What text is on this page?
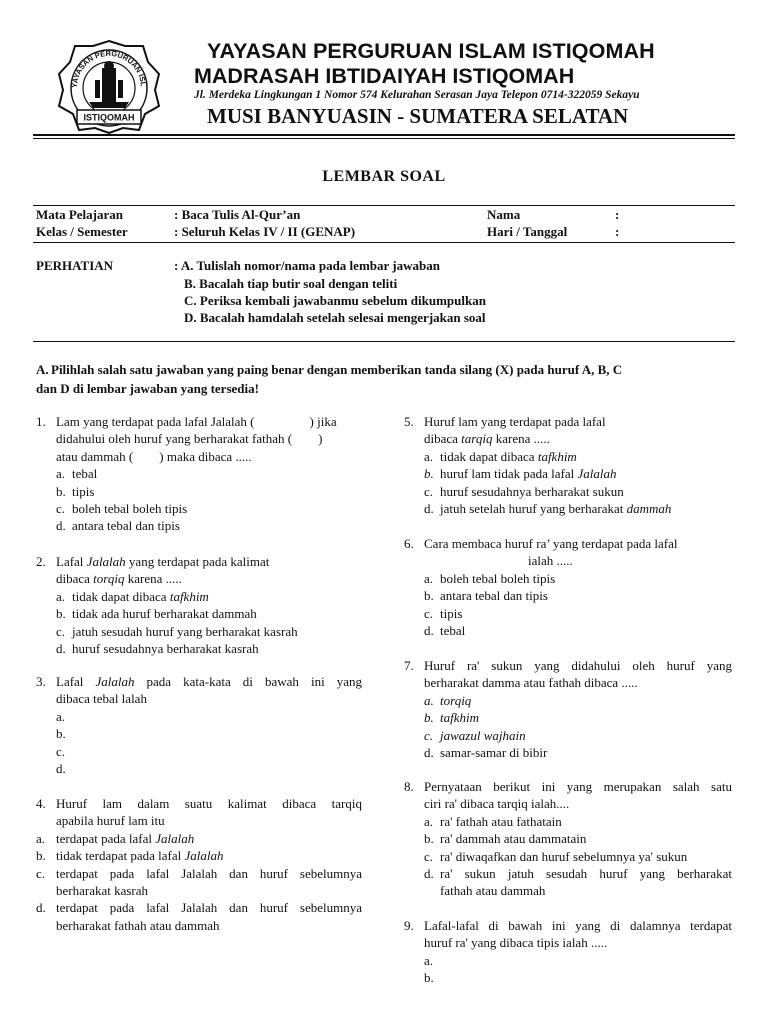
YAYASAN PERGURUAN ISL
ISTIQOMAH
YAYASAN PERGURUAN ISLAM ISTIQOMAH
MADRASAH IBTIDAIYAH ISTIQOMAH
Jl. Merdeka Lingkungan 1 Nomor 574 Kelurahan Serasan Jaya Telepon 0714-322059 Sekayu
MUSI BANYUASIN - SUMATERA SELATAN
LEMBAR SOAL
Mata Pelajaran	: Baca Tulis Al-Qur’an
Kelas / Semester	: Seluruh Kelas IV / II (GENAP)
Nama	:
Hari / Tanggal	:
PERHATIAN	: A. Tulislah nomor/nama pada lembar jawaban
B. Bacalah tiap butir soal dengan teliti
C. Periksa kembali jawabanmu sebelum dikumpulkan
D. Bacalah hamdalah setelah selesai mengerjakan soal
A. Pilihlah salah satu jawaban yang paing benar dengan memberikan tanda silang (X) pada huruf A, B, C
dan D di lembar jawaban yang tersedia!
1. Lam yang terdapat pada lafal Jalalah (	) jika
didahului oleh huruf yang berharakat fathah ( )
atau dammah ( ) maka dibaca .....
a. tebal
b. tipis
c. boleh tebal boleh tipis
d. antara tebal dan tipis
2. Lafal Jalalah yang terdapat pada kalimat
dibaca torqiq karena .....
a. tidak dapat dibaca tafkhim
b. tidak ada huruf berharakat dammah
c. jatuh sesudah huruf yang berharakat kasrah
d. huruf sesudahnya berharakat kasrah
3. Lafal Jalalah pada kata-kata di bawah ini yang
dibaca tebal lalah
a.
b.
c.
d.
4. Huruf lam dalam suatu kalimat dibaca tarqiq
apabila huruf lam itu
a. terdapat pada lafal Jalalah
b. tidak terdapat pada lafal Jalalah
c. terdapat pada lafal Jalalah dan huruf sebelumnya
berharakat kasrah
d. terdapat pada lafal Jalalah dan huruf sebelumnya
berharakat fathah atau dammah
5. Huruf lam yang terdapat pada lafal
dibaca tarqiq karena .....
a. tidak dapat dibaca tafkhim
b. huruf lam tidak pada lafal Jalalah
c. huruf sesudahnya berharakat sukun
d. jatuh setelah huruf yang berharakat dammah
6. Cara membaca huruf ra’ yang terdapat pada lafal
ialah .....
a. boleh tebal boleh tipis
b. antara tebal dan tipis
c. tipis
d. tebal
7. Huruf ra' sukun yang didahului oleh huruf yang
berharakat damma atau fathah dibaca .....
a. torqiq
b. tafkhim
c. jawazul wajhain
d. samar-samar di bibir
8. Pernyataan berikut ini yang merupakan salah satu
ciri ra' dibaca tarqiq ialah....
a. ra' fathah atau fathatain
b. ra' dammah atau dammatain
c. ra' diwaqafkan dan huruf sebelumnya ya' sukun
d. ra' sukun jatuh sesudah huruf yang berharakat
fathah atau dammah
9. Lafal-lafal di bawah ini yang di dalamnya terdapat
huruf ra' yang dibaca tipis ialah .....
a.
b.
